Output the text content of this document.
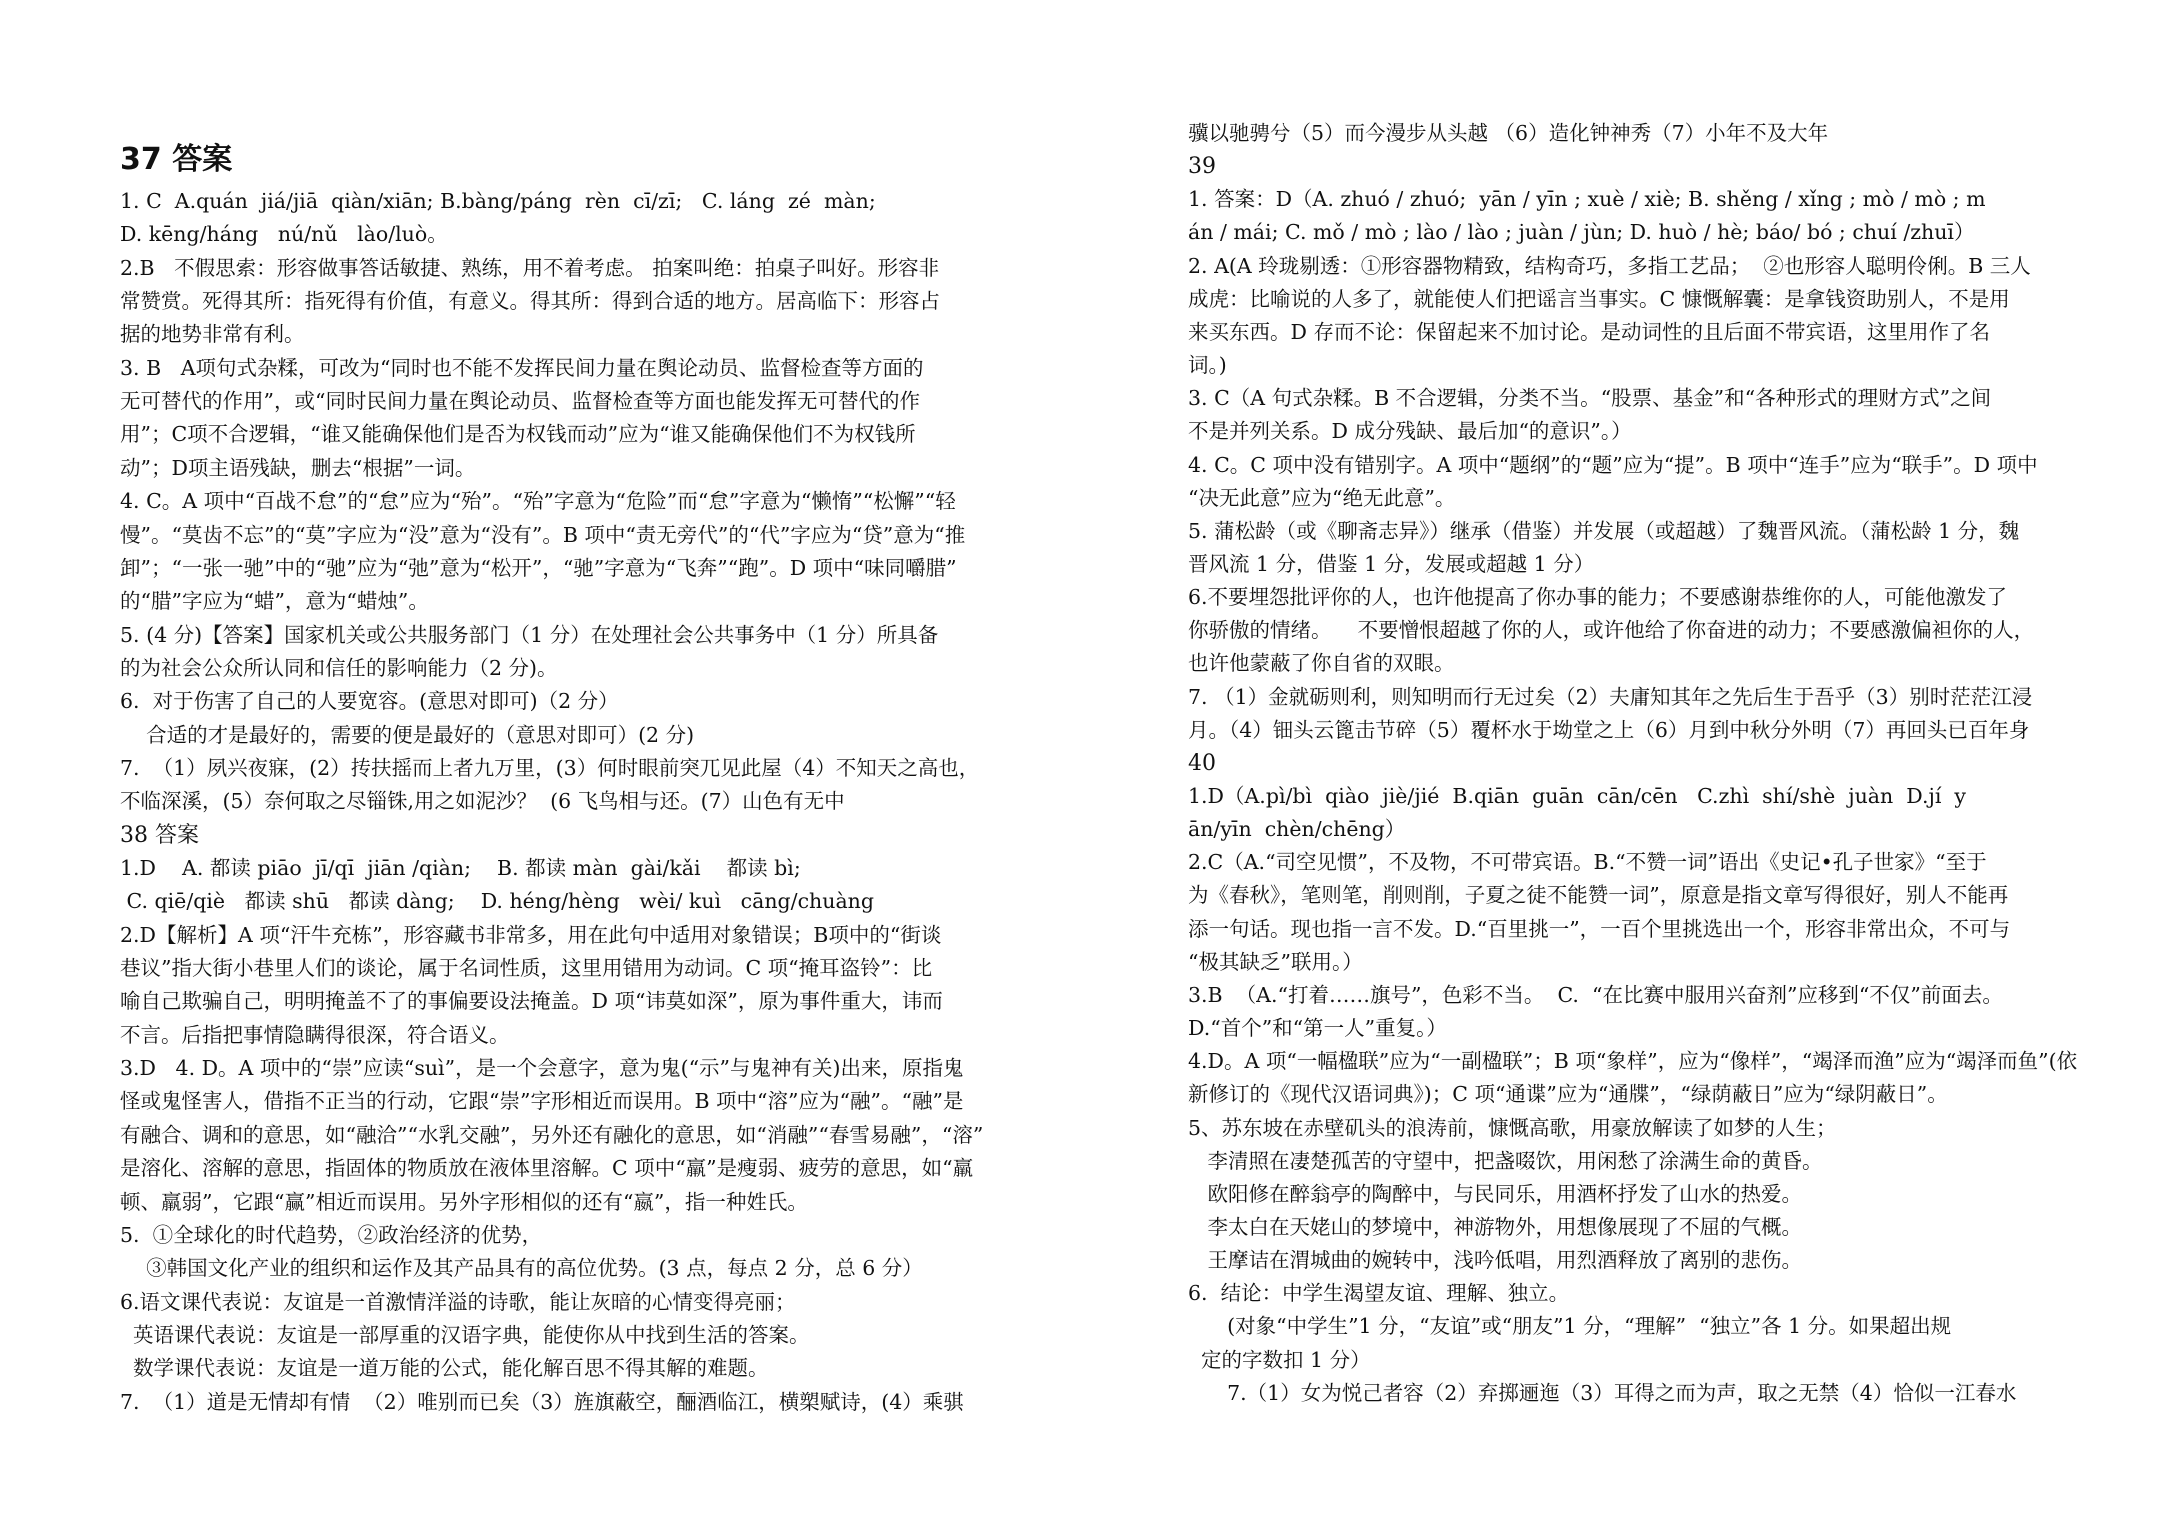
37 答案
1. C  A.quán  jiá/jiā  qiàn/xiān; B.bàng/páng  rèn  cī/zī;   C. láng  zé  màn;
D. kēng/háng   nú/nǔ   lào/luò。
2.B   不假思索：形容做事答话敏捷、熟练，用不着考虑。 拍案叫绝：拍桌子叫好。形容非
常赞赏。死得其所：指死得有价值，有意义。得其所：得到合适的地方。居高临下：形容占
据的地势非常有利。
3. B   A项句式杂糅，可改为“同时也不能不发挥民间力量在舆论动员、监督检查等方面的
无可替代的作用”，或“同时民间力量在舆论动员、监督检查等方面也能发挥无可替代的作
用”；C项不合逻辑，“谁又能确保他们是否为权钱而动”应为“谁又能确保他们不为权钱所
动”；D项主语残缺，删去“根据”一词。
4. C。A 项中“百战不怠”的“怠”应为“殆”。“殆”字意为“危险”而“怠”字意为“懒惰”“松懈”“轻
慢”。“莫齿不忘”的“莫”字应为“没”意为“没有”。B 项中“责无旁代”的“代”字应为“贷”意为“推
卸”；“一张一驰”中的“驰”应为“弛”意为“松开”，“驰”字意为“飞奔”“跑”。D 项中“味同嚼腊”
的“腊”字应为“蜡”，意为“蜡烛”。
5. (4 分)【答案】国家机关或公共服务部门（1 分）在处理社会公共事务中（1 分）所具备
的为社会公众所认同和信任的影响能力（2 分)。
6.  对于伤害了自己的人要宽容。(意思对即可)（2 分）
合适的才是最好的，需要的便是最好的（意思对即可）(2 分)
7.  （1）夙兴夜寐，(2）抟扶摇而上者九万里，(3）何时眼前突兀见此屋（4）不知天之高也，
不临深溪，(5）奈何取之尽锱铢,用之如泥沙？  (6 飞鸟相与还。(7）山色有无中
38 答案
1.D    A. 都读 piāo  jī/qī  jiān /qiàn;    B. 都读 màn  gài/kǎi    都读 bì;
C. qiē/qiè   都读 shū   都读 dàng;    D. héng/hèng   wèi/ kuì   cāng/chuàng
2.D【解析】A 项“汗牛充栋”，形容藏书非常多，用在此句中适用对象错误；B项中的“街谈
巷议”指大街小巷里人们的谈论，属于名词性质，这里用错用为动词。C 项“掩耳盗铃”：比
喻自己欺骗自己，明明掩盖不了的事偏要设法掩盖。D 项“讳莫如深”，原为事件重大，讳而
不言。后指把事情隐瞒得很深，符合语义。
3.D   4. D。A 项中的“崇”应读“suì”，是一个会意字，意为鬼(“示”与鬼神有关)出来，原指鬼
怪或鬼怪害人，借指不正当的行动，它跟“崇”字形相近而误用。B 项中“溶”应为“融”。“融”是
有融合、调和的意思，如“融洽”“水乳交融”，另外还有融化的意思，如“消融”“春雪易融”，“溶”
是溶化、溶解的意思，指固体的物质放在液体里溶解。C 项中“羸”是瘦弱、疲劳的意思，如“羸
顿、羸弱”，它跟“赢”相近而误用。另外字形相似的还有“嬴”，指一种姓氏。
5.  ①全球化的时代趋势，②政治经济的优势，
③韩国文化产业的组织和运作及其产品具有的高位优势。(3 点，每点 2 分，总 6 分）
6.语文课代表说：友谊是一首激情洋溢的诗歌，能让灰暗的心情变得亮丽；
英语课代表说：友谊是一部厚重的汉语字典，能使你从中找到生活的答案。
数学课代表说：友谊是一道万能的公式，能化解百思不得其解的难题。
7.  （1）道是无情却有情  （2）唯别而已矣（3）旌旗蔽空，酾酒临江，横槊赋诗，(4）乘骐
骥以驰骋兮（5）而今漫步从头越 （6）造化钟神秀（7）小年不及大年
39
1. 答案：D（A. zhuó / zhuó;  yān / yīn ; xuè / xiè; B. shěng / xǐng ; mò / mò ; m
án / mái; C. mǒ / mò ; lào / lào ; juàn / jùn; D. huò / hè; báo/ bó ; chuí /zhuī）
2. A(A 玲珑剔透：①形容器物精致，结构奇巧，多指工艺品；  ②也形容人聪明伶俐。B 三人
成虎：比喻说的人多了，就能使人们把谣言当事实。C 慷慨解囊：是拿钱资助别人，不是用
来买东西。D 存而不论：保留起来不加讨论。是动词性的且后面不带宾语，这里用作了名
词。)
3. C（A 句式杂糅。B 不合逻辑，分类不当。“股票、基金”和“各种形式的理财方式”之间
不是并列关系。D 成分残缺、最后加“的意识”。）
4. C。C 项中没有错别字。A 项中“题纲”的“题”应为“提”。B 项中“连手”应为“联手”。D 项中
“决无此意”应为“绝无此意”。
5. 蒲松龄（或《聊斋志异》）继承（借鉴）并发展（或超越）了魏晋风流。（蒲松龄 1 分，魏
晋风流 1 分，借鉴 1 分，发展或超越 1 分）
6.不要埋怨批评你的人，也许他提高了你办事的能力；不要感谢恭维你的人，可能他激发了
你骄傲的情绪。    不要憎恨超越了你的人，或许他给了你奋进的动力；不要感激偏袒你的人，
也许他蒙蔽了你自省的双眼。
7. （1）金就砺则利，则知明而行无过矣（2）夫庸知其年之先后生于吾乎（3）别时茫茫江浸
月。（4）钿头云篦击节碎（5）覆杯水于坳堂之上（6）月到中秋分外明（7）再回头已百年身
40
1.D（A.pì/bì  qiào  jiè/jié  B.qiān  guān  cān/cēn   C.zhì  shí/shè  juàn  D.jí  y
ān/yīn  chèn/chēng）
2.C（A.“司空见惯”，不及物，不可带宾语。B.“不赞一词”语出《史记•孔子世家》“至于
为《春秋》，笔则笔，削则削，子夏之徒不能赞一词”，原意是指文章写得很好，别人不能再
添一句话。现也指一言不发。D.“百里挑一”，一百个里挑选出一个，形容非常出众，不可与
“极其缺乏”联用。）
3.B  （A.“打着……旗号”，色彩不当。  C.  “在比赛中服用兴奋剂”应移到“不仅”前面去。
D.“首个”和“第一人”重复。）
4.D。A 项“一幅楹联”应为“一副楹联”；B 项“象样”，应为“像样”，“竭泽而渔”应为“竭泽而鱼”(依
新修订的《现代汉语词典》)；C 项“通谍”应为“通牒”，“绿荫蔽日”应为“绿阴蔽日”。
5、苏东坡在赤壁矶头的浪涛前，慷慨高歌，用豪放解读了如梦的人生；
李清照在凄楚孤苦的守望中，把盏啜饮，用闲愁了涂满生命的黄昏。
欧阳修在醉翁亭的陶醉中，与民同乐，用酒杯抒发了山水的热爱。
李太白在天姥山的梦境中，神游物外，用想像展现了不屈的气概。
王摩诘在渭城曲的婉转中，浅吟低唱，用烈酒释放了离别的悲伤。
6.  结论：中学生渴望友谊、理解、独立。
(对象“中学生”1 分，“友谊”或“朋友”1 分，“理解”  “独立”各 1 分。如果超出规
定的字数扣 1 分）
7.（1）女为悦己者容（2）弃掷逦迤（3）耳得之而为声，取之无禁（4）恰似一江春水
